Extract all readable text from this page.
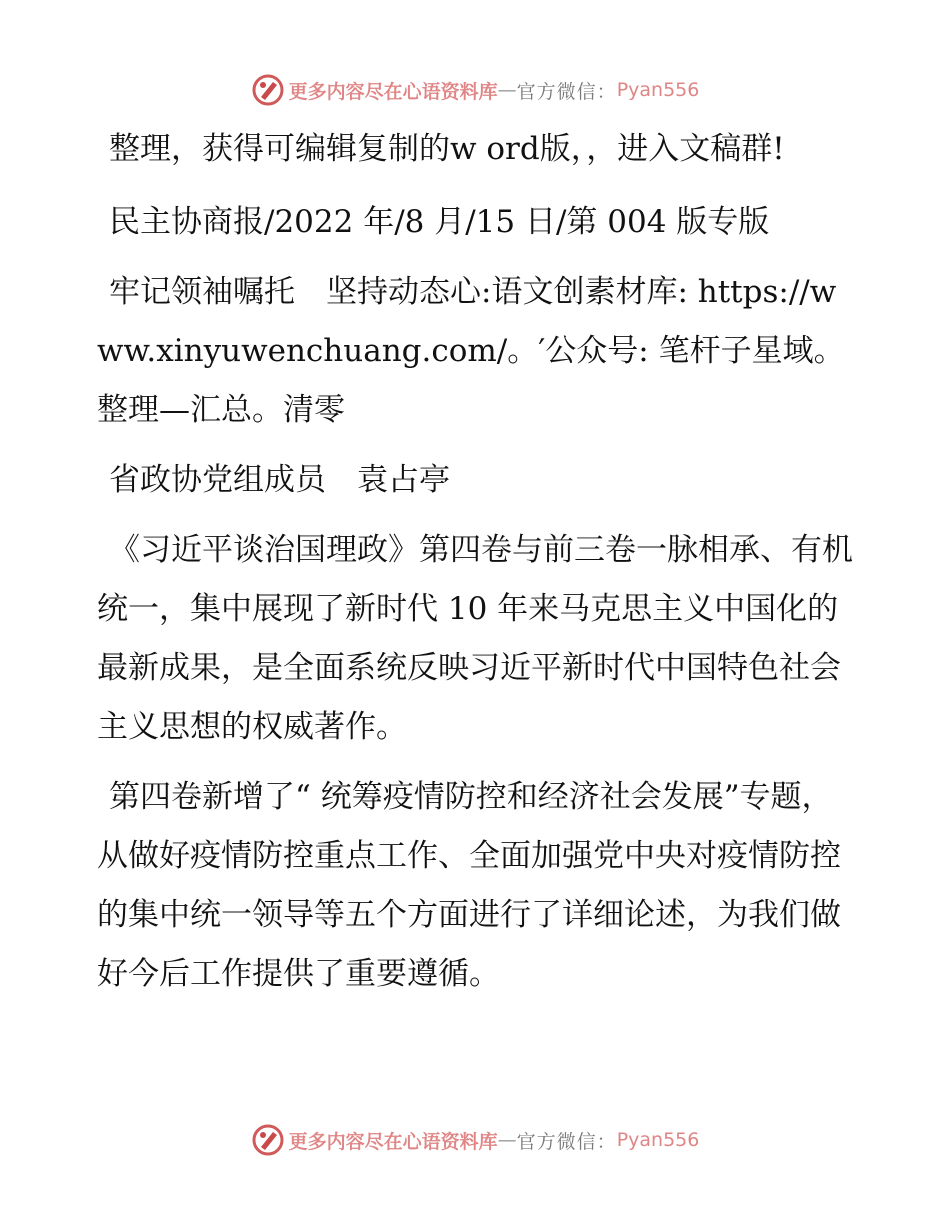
更多内容尽在心语资料库 — 官方微信： Pyan556

整理，获得可编辑复制的w ord版，，进入文稿群!

民主协商报/2022 年/8 月/15 日/第 004 版专版

牢记领袖嘱托　坚持动态心:语文创素材库: https://www.xinyuwenchuang.com/。′公众号: 笔杆子星域。整理—汇总。清零

省政协党组成员　袁占亭

《习近平谈治国理政》第四卷与前三卷一脉相承、有机统一，集中展现了新时代 10 年来马克思主义中国化的最新成果，是全面系统反映习近平新时代中国特色社会主义思想的权威著作。

第四卷新增了“ 统筹疫情防控和经济社会发展”专题，从做好疫情防控重点工作、全面加强党中央对疫情防控的集中统一领导等五个方面进行了详细论述，为我们做好今后工作提供了重要遵循。

更多内容尽在心语资料库 — 官方微信： Pyan556
